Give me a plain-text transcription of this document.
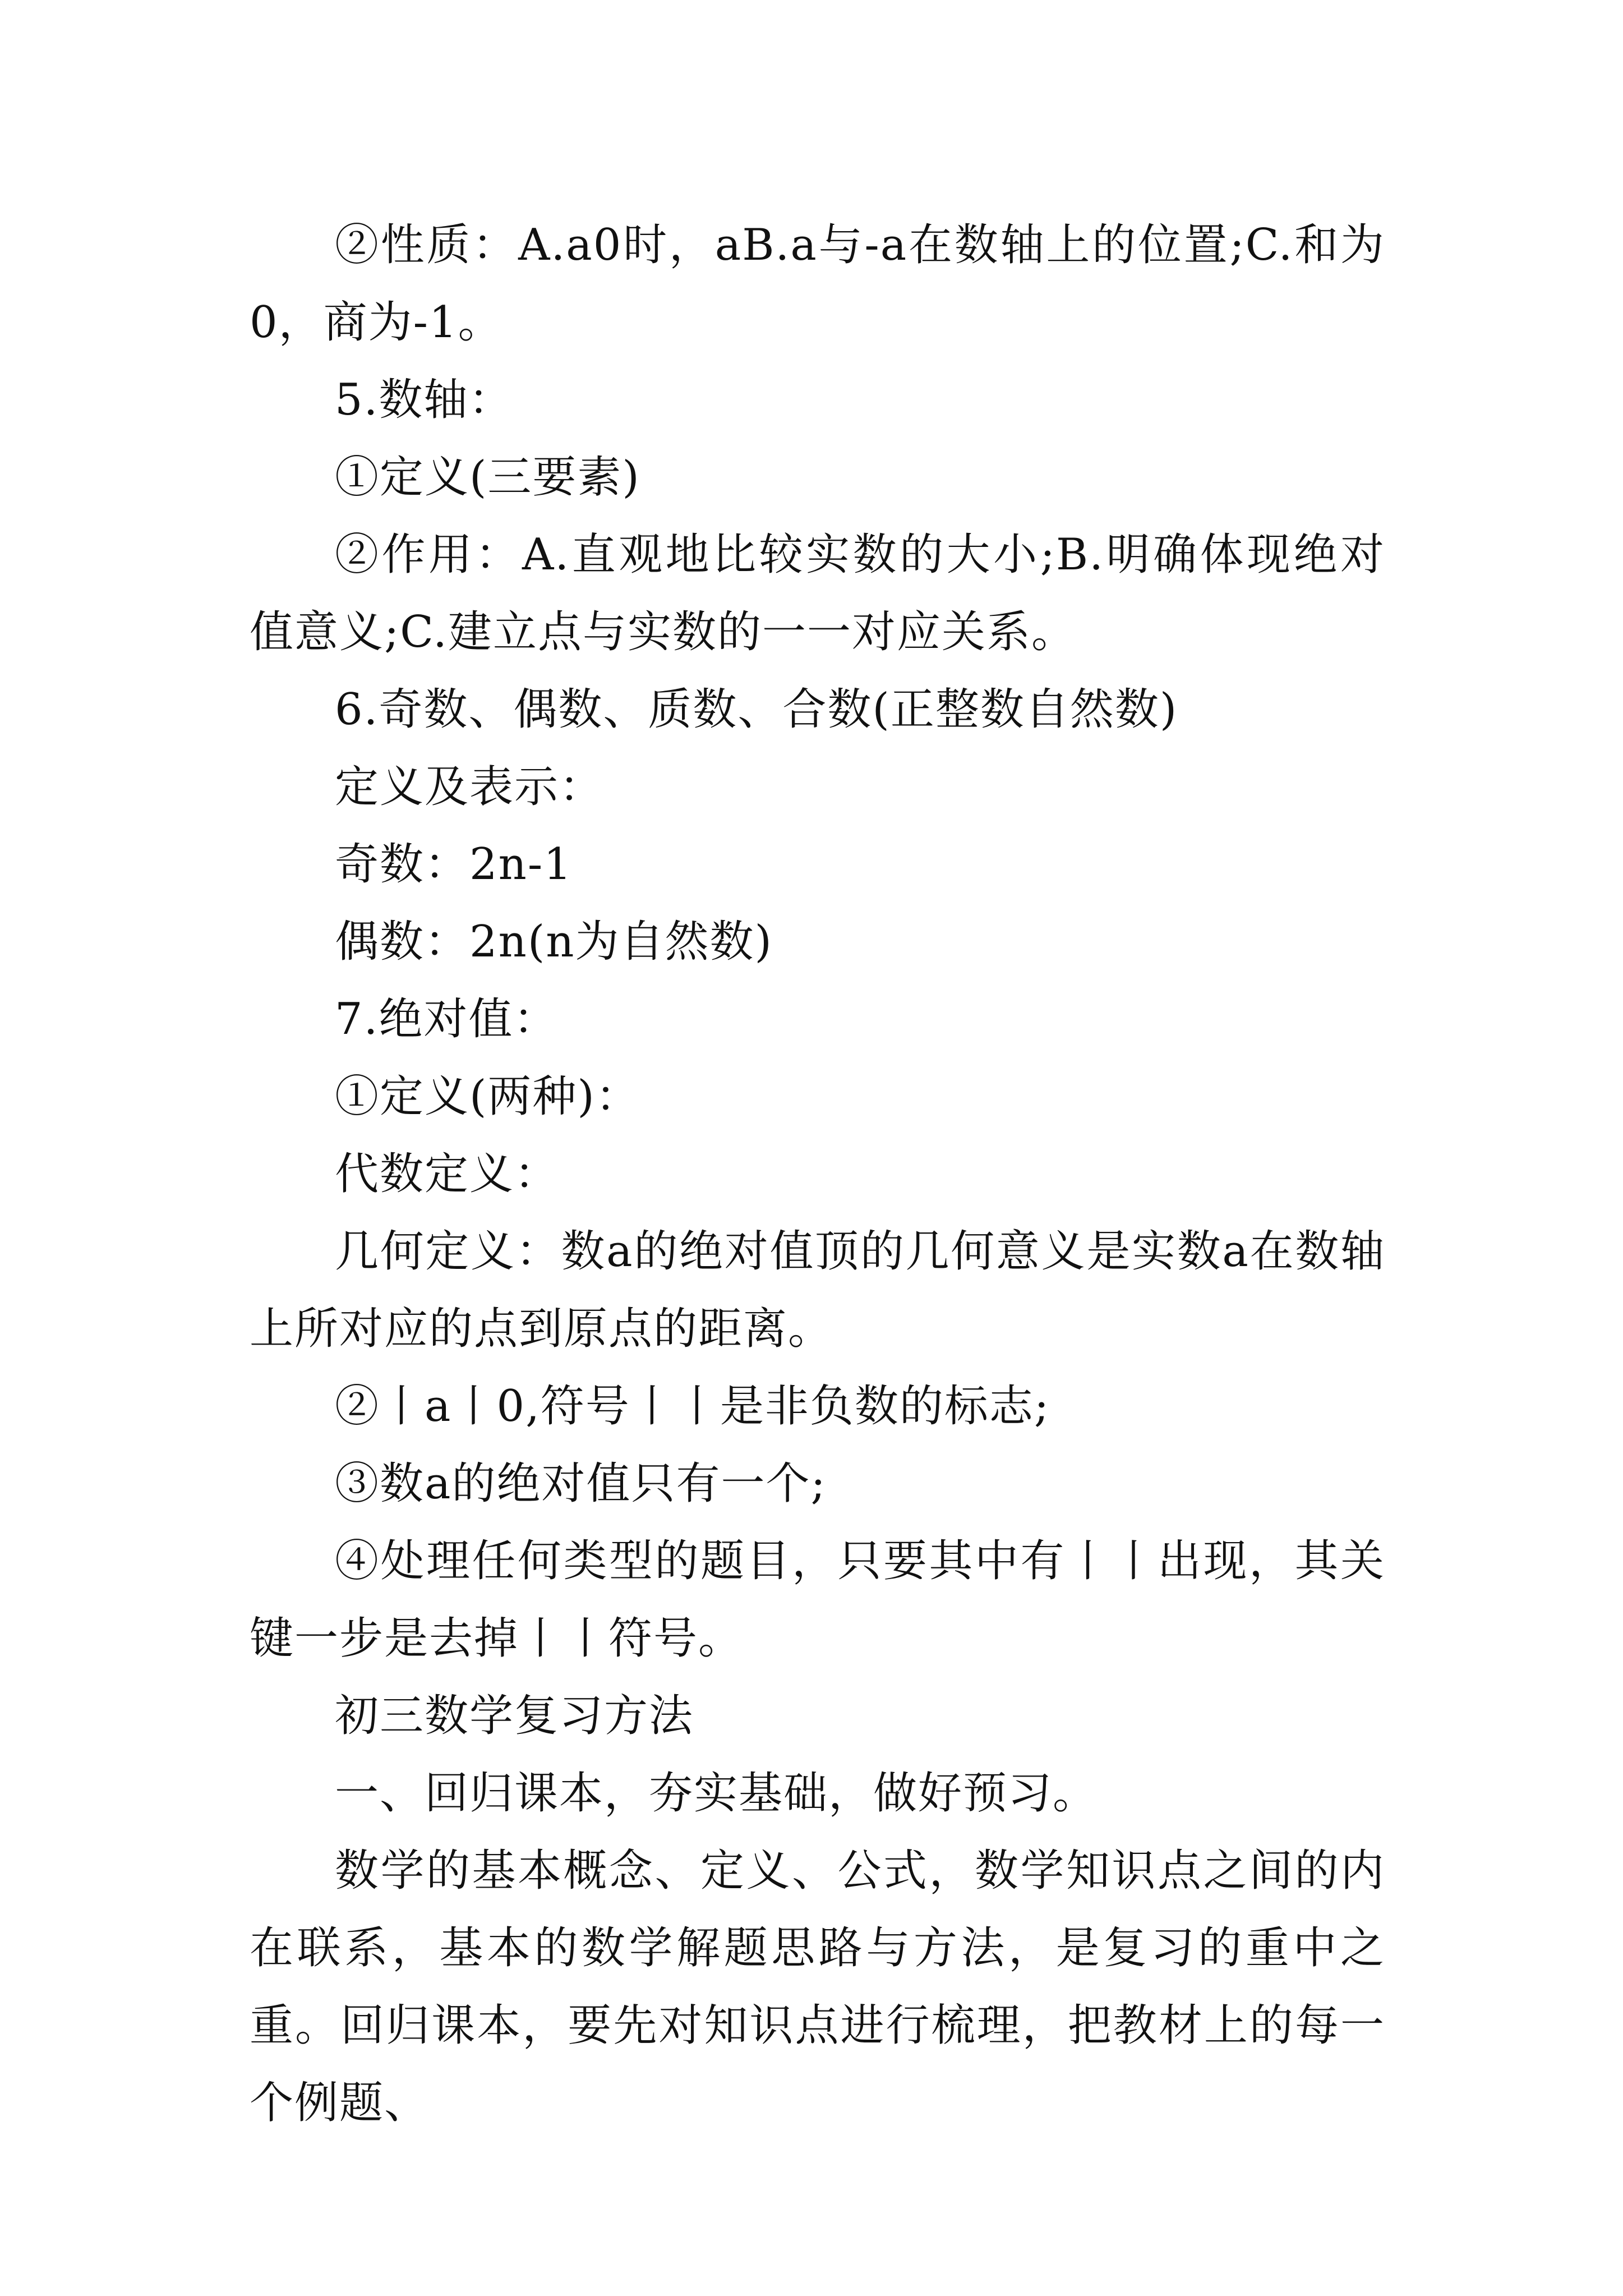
②性质：A.a0时，aB.a与-a在数轴上的位置;C.和为0，商为-1。

5.数轴：

①定义(三要素)

②作用：A.直观地比较实数的大小;B.明确体现绝对值意义;C.建立点与实数的一一对应关系。

6.奇数、偶数、质数、合数(正整数自然数)

定义及表示：

奇数：2n-1

偶数：2n(n为自然数)

7.绝对值：

①定义(两种)：

代数定义：

几何定义：数a的绝对值顶的几何意义是实数a在数轴上所对应的点到原点的距离。

②丨a丨0,符号丨丨是非负数的标志;

③数a的绝对值只有一个;

④处理任何类型的题目，只要其中有丨丨出现，其关键一步是去掉丨丨符号。

初三数学复习方法

一、回归课本，夯实基础，做好预习。

数学的基本概念、定义、公式，数学知识点之间的内在联系，基本的数学解题思路与方法，是复习的重中之重。回归课本，要先对知识点进行梳理，把教材上的每一个例题、
